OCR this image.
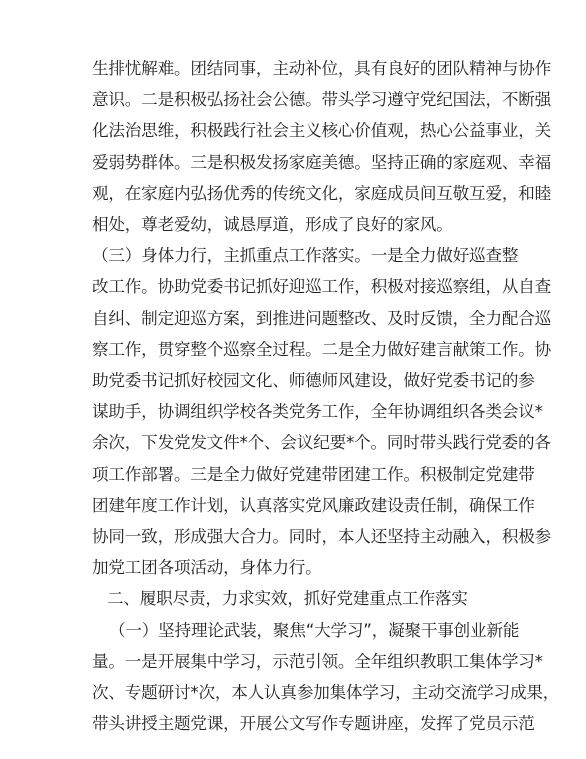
生排忧解难。团结同事，主动补位，具有良好的团队精神与协作
意识。二是积极弘扬社会公德。带头学习遵守党纪国法，不断强
化法治思维，积极践行社会主义核心价值观，热心公益事业，关
爱弱势群体。三是积极发扬家庭美德。坚持正确的家庭观、幸福
观，在家庭内弘扬优秀的传统文化，家庭成员间互敬互爱，和睦
相处，尊老爱幼，诚恳厚道，形成了良好的家风。
（三）身体力行，主抓重点工作落实。一是全力做好巡查整
改工作。协助党委书记抓好迎巡工作，积极对接巡察组，从自查
自纠、制定迎巡方案，到推进问题整改、及时反馈，全力配合巡
察工作，贯穿整个巡察全过程。二是全力做好建言献策工作。协
助党委书记抓好校园文化、师德师风建设，做好党委书记的参
谋助手，协调组织学校各类党务工作，全年协调组织各类会议*
余次，下发党发文件*个、会议纪要*个。同时带头践行党委的各
项工作部署。三是全力做好党建带团建工作。积极制定党建带
团建年度工作计划，认真落实党风廉政建设责任制，确保工作
协同一致，形成强大合力。同时，本人还坚持主动融入，积极参
加党工团各项活动，身体力行。
二、履职尽责，力求实效，抓好党建重点工作落实
（一）坚持理论武装，聚焦“大学习”，凝聚干事创业新能
量。一是开展集中学习，示范引领。全年组织教职工集体学习*
次、专题研讨*次，本人认真参加集体学习，主动交流学习成果，
带头讲授主题党课，开展公文写作专题讲座，发挥了党员示范
